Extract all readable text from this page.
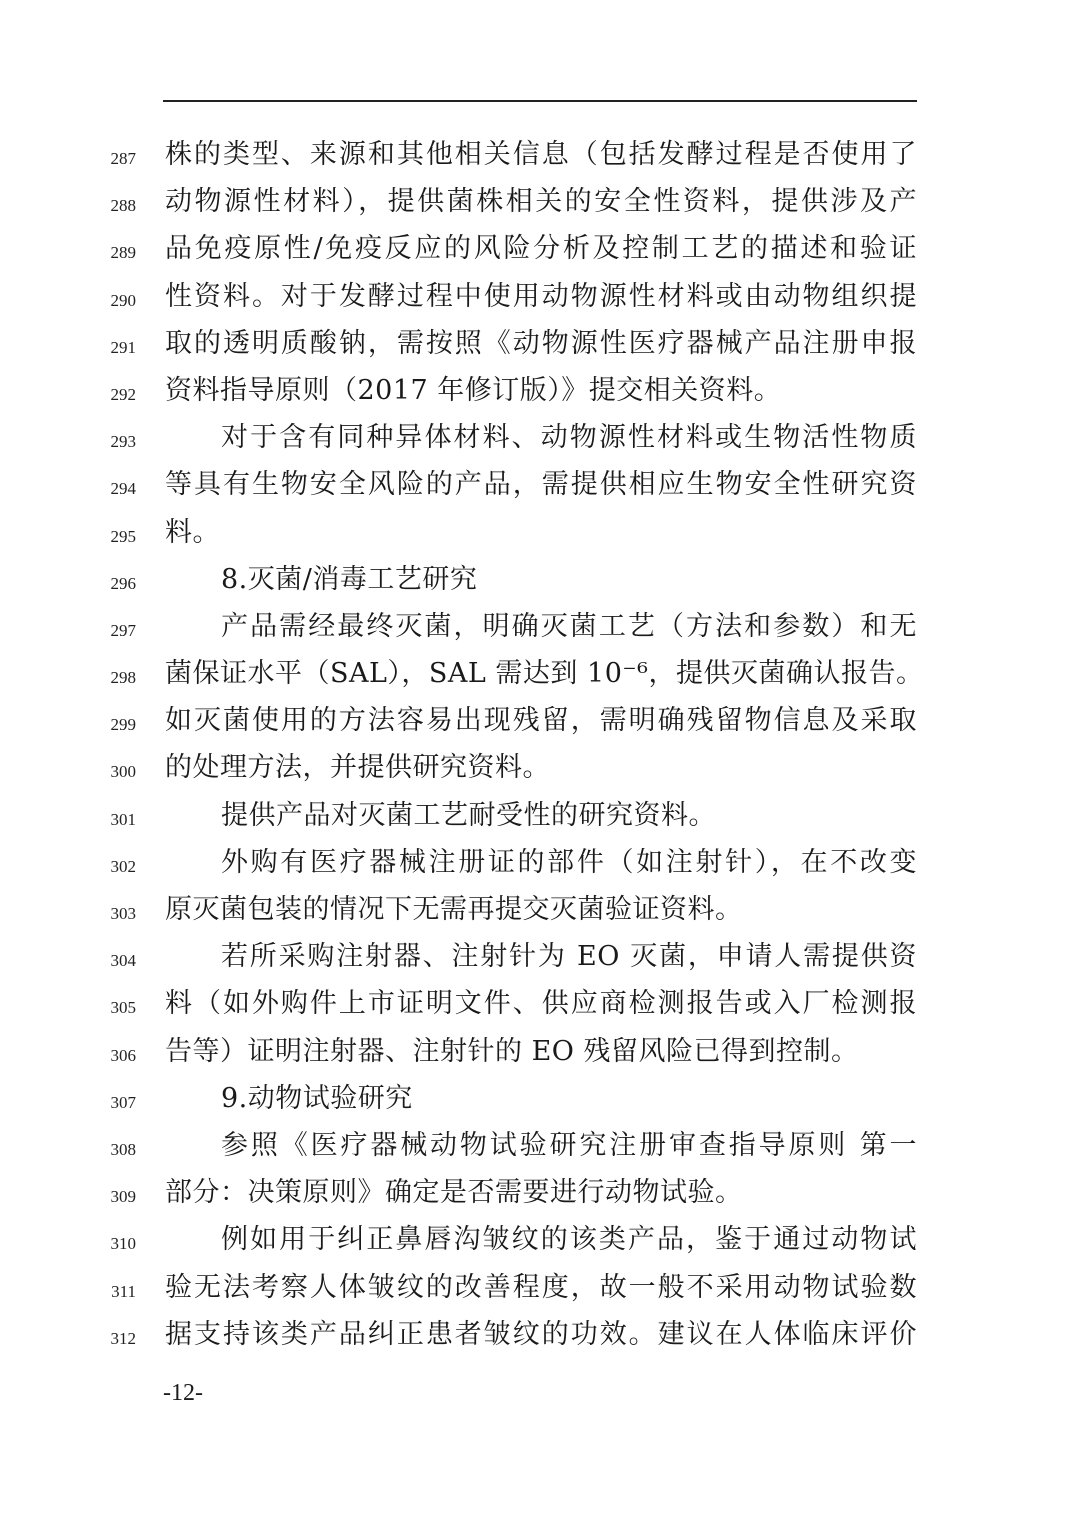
287 株的类型、来源和其他相关信息（包括发酵过程是否使用了
288 动物源性材料），提供菌株相关的安全性资料，提供涉及产
289 品免疫原性/免疫反应的风险分析及控制工艺的描述和验证
290 性资料。对于发酵过程中使用动物源性材料或由动物组织提
291 取的透明质酸钠，需按照《动物源性医疗器械产品注册申报
292 资料指导原则（2017 年修订版）》提交相关资料。
293	对于含有同种异体材料、动物源性材料或生物活性物质
294 等具有生物安全风险的产品，需提供相应生物安全性研究资
295 料。
296	8.灭菌/消毒工艺研究
297	产品需经最终灭菌，明确灭菌工艺（方法和参数）和无
298 菌保证水平（SAL），SAL 需达到 10⁻⁶，提供灭菌确认报告。
299 如灭菌使用的方法容易出现残留，需明确残留物信息及采取
300 的处理方法，并提供研究资料。
301	提供产品对灭菌工艺耐受性的研究资料。
302	外购有医疗器械注册证的部件（如注射针），在不改变
303 原灭菌包装的情况下无需再提交灭菌验证资料。
304	若所采购注射器、注射针为 EO 灭菌，申请人需提供资
305 料（如外购件上市证明文件、供应商检测报告或入厂检测报
306 告等）证明注射器、注射针的 EO 残留风险已得到控制。
307	9.动物试验研究
308	参照《医疗器械动物试验研究注册审查指导原则 第一
309 部分：决策原则》确定是否需要进行动物试验。
310	例如用于纠正鼻唇沟皱纹的该类产品，鉴于通过动物试
311 验无法考察人体皱纹的改善程度，故一般不采用动物试验数
312 据支持该类产品纠正患者皱纹的功效。建议在人体临床评价
-12-
